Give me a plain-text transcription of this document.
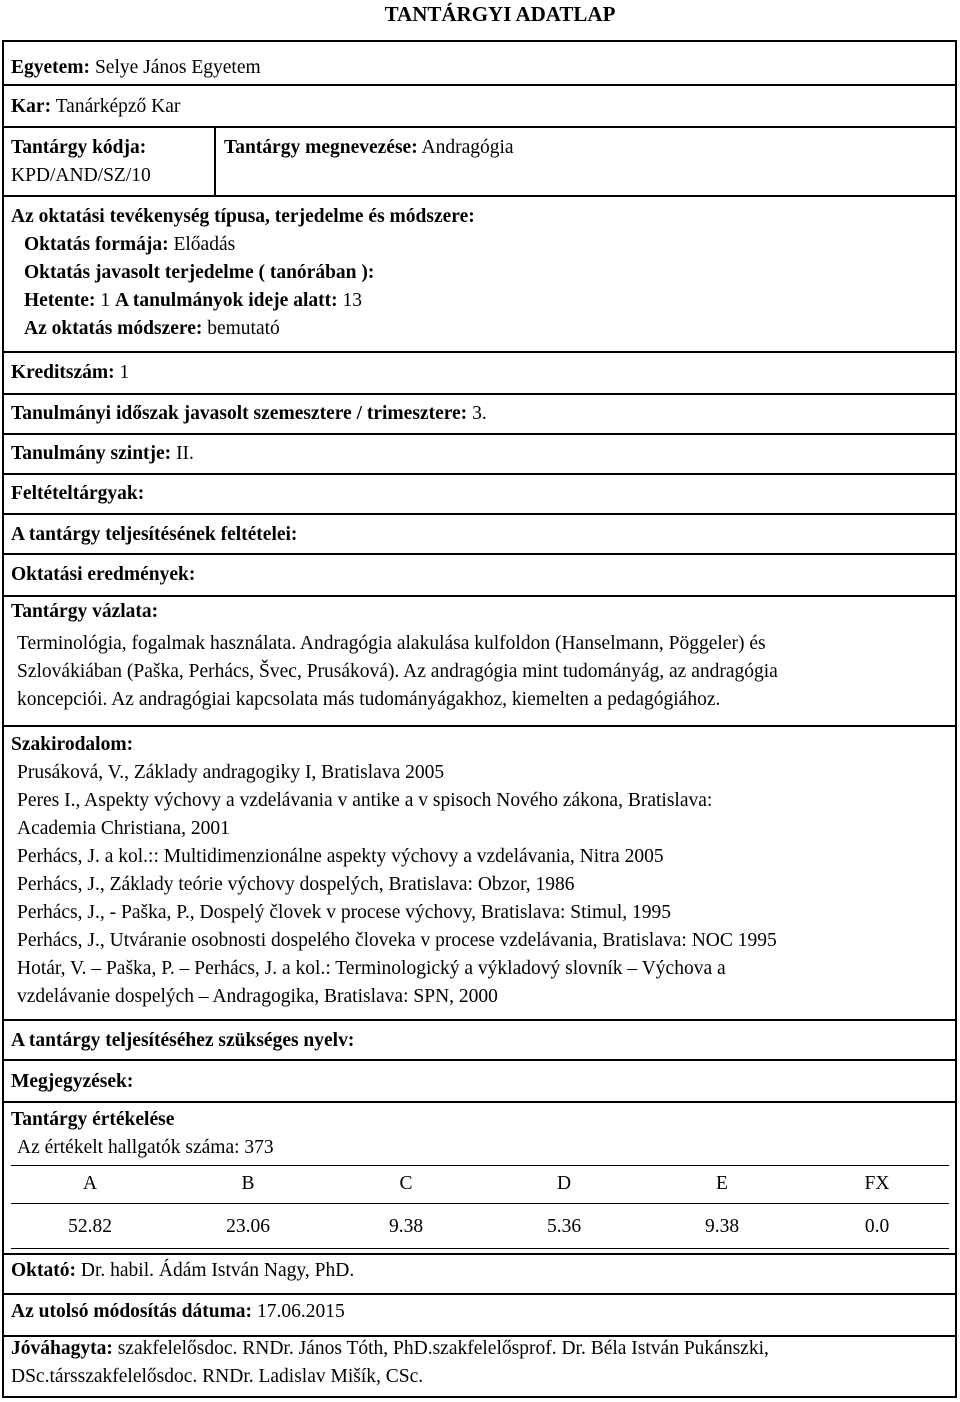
TANTÁRGYI ADATLAP
Egyetem: Selye János Egyetem
Kar: Tanárképző Kar
Tantárgy kódja:
KPD/AND/SZ/10
Tantárgy megnevezése: Andragógia
Az oktatási tevékenység típusa, terjedelme és módszere:
Oktatás formája: Előadás
Oktatás javasolt terjedelme ( tanórában ):
Hetente: 1 A tanulmányok ideje alatt: 13
Az oktatás módszere: bemutató
Kreditszám: 1
Tanulmányi időszak javasolt szemesztere / trimesztere: 3.
Tanulmány szintje: II.
Feltételtárgyak:
A tantárgy teljesítésének feltételei:
Oktatási eredmények:
Tantárgy vázlata:
Terminológia, fogalmak használata. Andragógia alakulása kulfoldon (Hanselmann, Pöggeler) és
Szlovákiában (Paška, Perhács, Švec, Prusáková). Az andragógia mint tudományág, az andragógia
koncepciói. Az andragógiai kapcsolata más tudományágakhoz, kiemelten a pedagógiához.
Szakirodalom:
Prusáková, V., Základy andragogiky I, Bratislava 2005
Peres I., Aspekty výchovy a vzdelávania v antike a v spisoch Nového zákona, Bratislava:
Academia Christiana, 2001
Perhács, J. a kol.:: Multidimenzionálne aspekty výchovy a vzdelávania, Nitra 2005
Perhács, J., Základy teórie výchovy dospelých, Bratislava: Obzor, 1986
Perhács, J., - Paška, P., Dospelý človek v procese výchovy, Bratislava: Stimul, 1995
Perhács, J., Utváranie osobnosti dospelého človeka v procese vzdelávania, Bratislava: NOC 1995
Hotár, V. – Paška, P. – Perhács, J. a kol.: Terminologický a výkladový slovník – Výchova a
vzdelávanie dospelých – Andragogika, Bratislava: SPN, 2000
A tantárgy teljesítéséhez szükséges nyelv:
Megjegyzések:
Tantárgy értékelése
Az értékelt hallgatók száma: 373
A	B	C	D	E	FX
52.82	23.06	9.38	5.36	9.38	0.0
Oktató: Dr. habil. Ádám István Nagy, PhD.
Az utolsó módosítás dátuma: 17.06.2015
Jóváhagyta: szakfelelősdoc. RNDr. János Tóth, PhD.szakfelelősprof. Dr. Béla István Pukánszki,
DSc.társszakfelelősdoc. RNDr. Ladislav Mišík, CSc.
